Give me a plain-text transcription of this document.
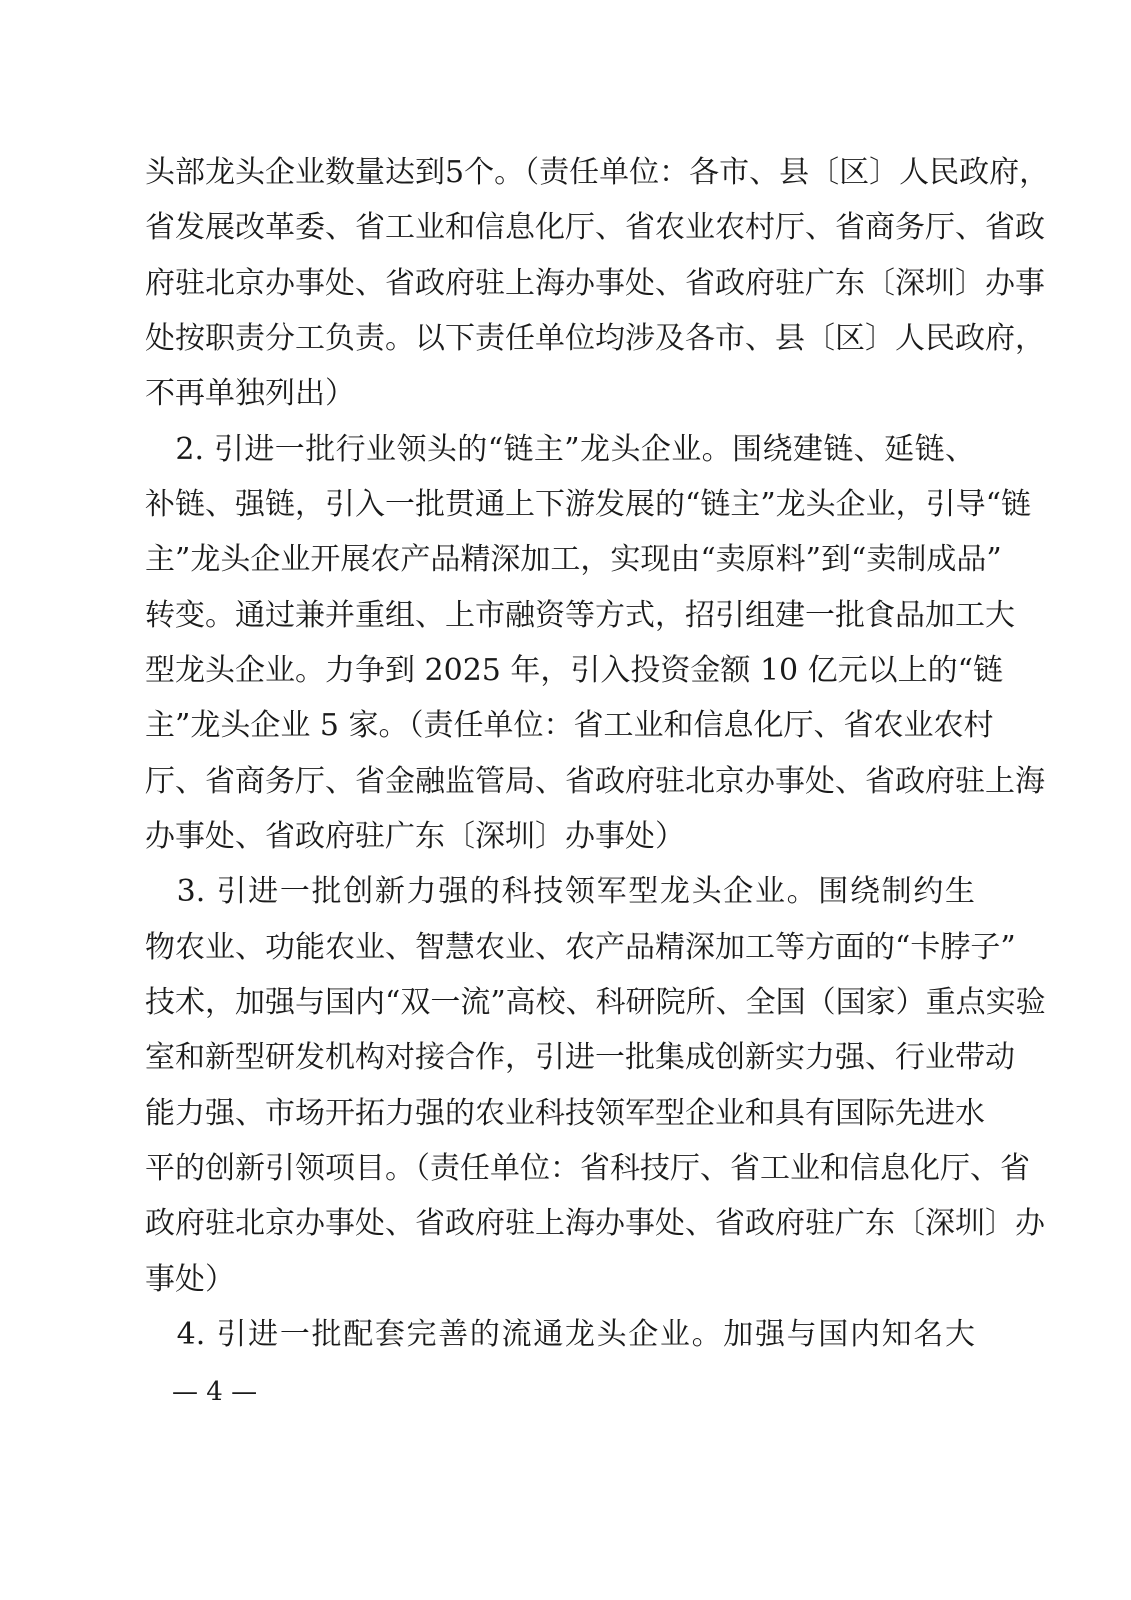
头部龙头企业数量达到5个。（责任单位：各市、县〔区〕人民政府，
省发展改革委、省工业和信息化厅、省农业农村厅、省商务厅、省政
府驻北京办事处、省政府驻上海办事处、省政府驻广东〔深圳〕办事
处按职责分工负责。以下责任单位均涉及各市、县〔区〕人民政府，
不再单独列出）
　2. 引进一批行业领头的“链主”龙头企业。围绕建链、延链、
补链、强链，引入一批贯通上下游发展的“链主”龙头企业，引导“链
主”龙头企业开展农产品精深加工，实现由“卖原料”到“卖制成品”
转变。通过兼并重组、上市融资等方式，招引组建一批食品加工大
型龙头企业。力争到 2025 年，引入投资金额 10 亿元以上的“链
主”龙头企业 5 家。（责任单位：省工业和信息化厅、省农业农村
厅、省商务厅、省金融监管局、省政府驻北京办事处、省政府驻上海
办事处、省政府驻广东〔深圳〕办事处）
　3. 引进一批创新力强的科技领军型龙头企业。围绕制约生
物农业、功能农业、智慧农业、农产品精深加工等方面的“卡脖子”
技术，加强与国内“双一流”高校、科研院所、全国（国家）重点实验
室和新型研发机构对接合作，引进一批集成创新实力强、行业带动
能力强、市场开拓力强的农业科技领军型企业和具有国际先进水
平的创新引领项目。（责任单位：省科技厅、省工业和信息化厅、省
政府驻北京办事处、省政府驻上海办事处、省政府驻广东〔深圳〕办
事处）
　4. 引进一批配套完善的流通龙头企业。加强与国内知名大
— 4 —
